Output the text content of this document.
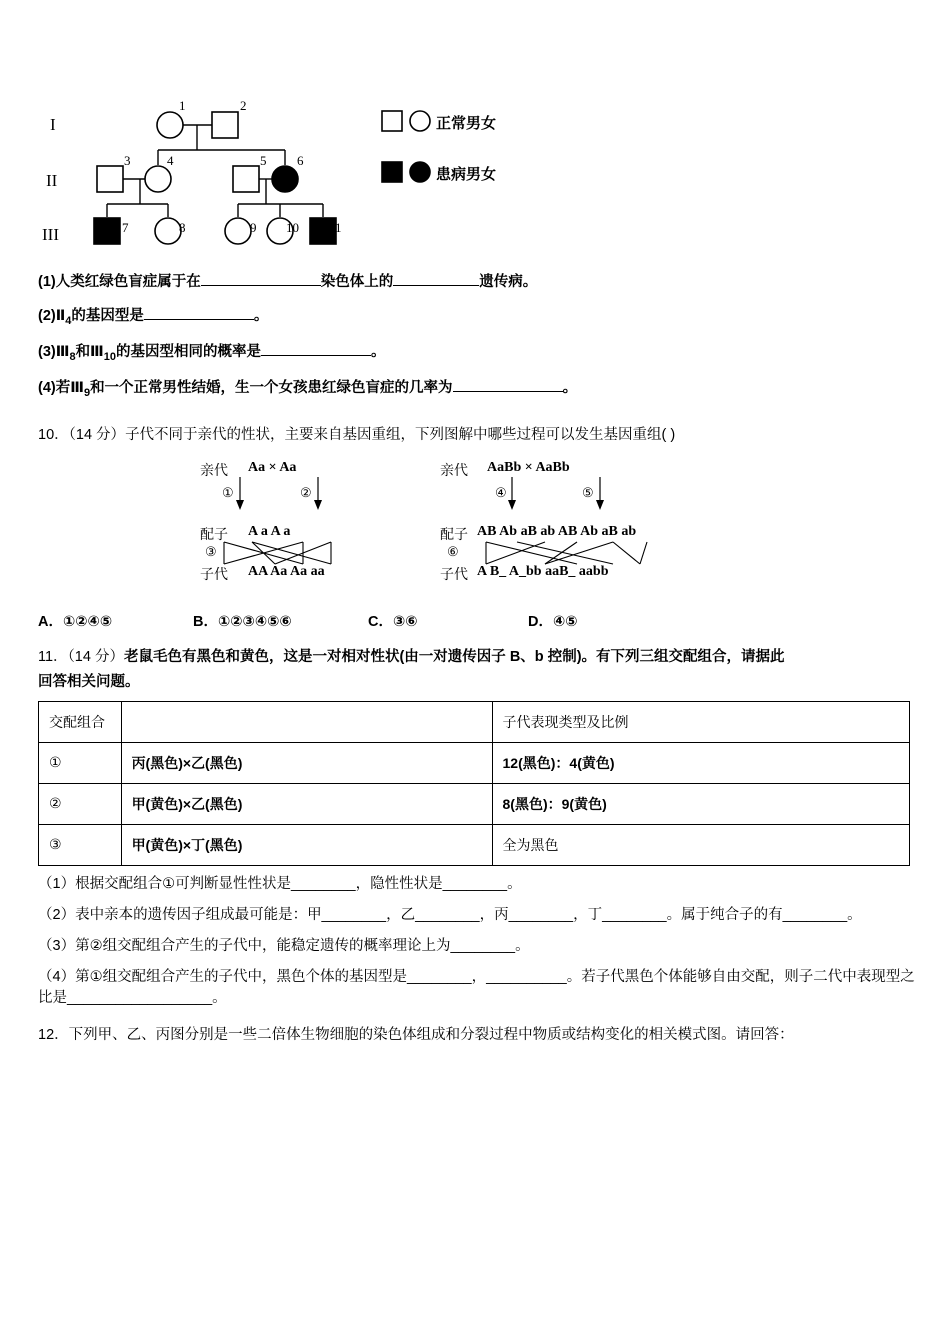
I
II
III
1	2
3	4	5 6
7	8	9 10 11
正常男女
患病男女
(1)人类红绿色盲症属于在	染色体上的	遗传病。
$(2)Ⅱ_4$的基因型是	。
$(3)Ⅲ_8$和$Ⅲ_{10}$的基因型相同的概率是	。
(4)若$Ⅲ_9$和一个正常男性结婚，生一个女孩患红绿色盲症的几率为	。
10．（14 分）子代不同于亲代的性状，主要来自基因重组，下列图解中哪些过程可以发生基因重组( )
亲代 Aa × Aa
①	②
配子 A a A a
③
子代 AA Aa Aa aa
亲代 AaBb × AaBb
④	⑤
配子 AB Ab aB ab AB Ab aB ab
⑥
子代 A B_ A_bb aaB_ aabb
A．①②④⑤	B．①②③④⑤⑥	C．③⑥	D．④⑤
11．（14 分）老鼠毛色有黑色和黄色，这是一对相对性状(由一对遗传因子 B、b 控制)。有下列三组交配组合，请据此
回答相关问题。
交配组合		子代表现类型及比例
①	丙(黑色)×乙(黑色)	12(黑色)：4(黄色)
②	甲(黄色)×乙(黑色)	8(黑色)：9(黄色)
③	甲(黄色)×丁(黑色)	全为黑色
（1）根据交配组合①可判断显性性状是________，隐性性状是________。
（2）表中亲本的遗传因子组成最可能是：甲________，乙________，丙________，丁________。属于纯合子的有________。
（3）第②组交配组合产生的子代中，能稳定遗传的概率理论上为________。
（4）第①组交配组合产生的子代中，黑色个体的基因型是________，__________。若子代黑色个体能够自由交配，则子二代中表现型之比是__________________。
12．下列甲、乙、丙图分别是一些二倍体生物细胞的染色体组成和分裂过程中物质或结构变化的相关模式图。请回答：
